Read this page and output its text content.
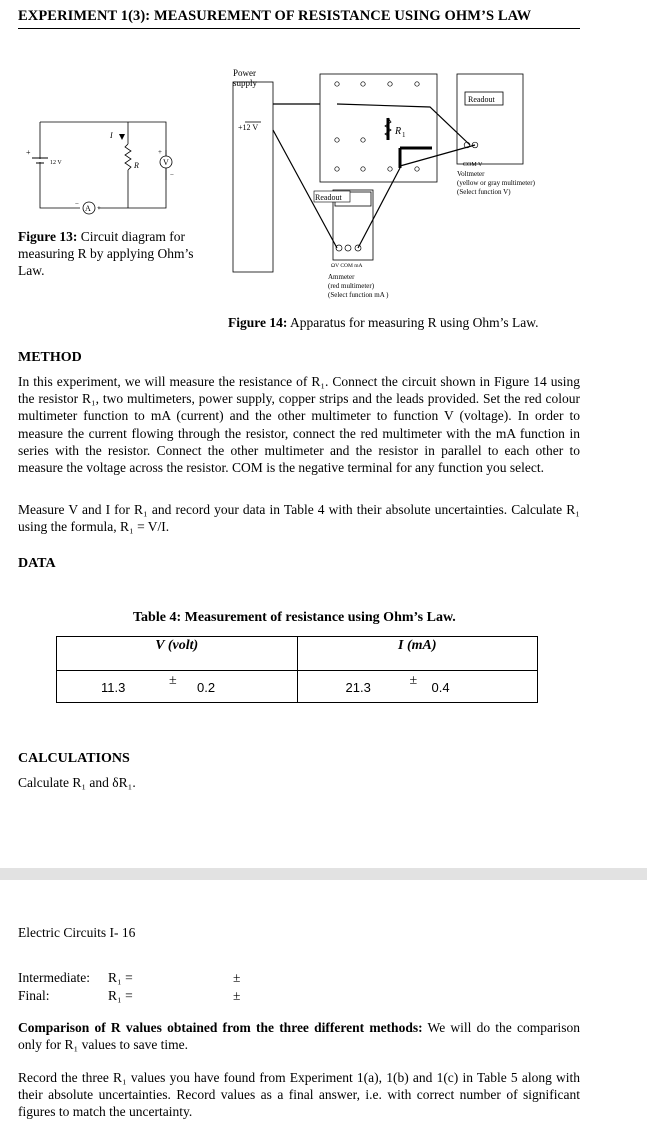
EXPERIMENT 1(3): MEASUREMENT OF RESISTANCE USING OHM’S LAW
+
12 V
I
R	V
+
−
A
−	+
Figure 13: Circuit diagram for measuring R by applying Ohm’s Law.
Power
supply
+12 V
Readout
Readout
R 1
COM V
Voltmeter
(yellow or gray multimeter)
(Select function V)
ΩV COM mA
Ammeter
(red multimeter)
(Select function mA )
Figure 14: Apparatus for measuring R using Ohm’s Law.
METHOD
In this experiment, we will measure the resistance of R₁. Connect the circuit shown in Figure 14 using the resistor R₁, two multimeters, power supply, copper strips and the leads provided. Set the red colour multimeter function to mA (current) and the other multimeter to function V (voltage). In order to measure the current flowing through the resistor, connect the red multimeter with the mA function in series with the resistor. Connect the other multimeter and the resistor in parallel to each other to measure the voltage across the resistor. COM is the negative terminal for any function you select.
Measure V and I for R₁ and record your data in Table 4 with their absolute uncertainties. Calculate R₁ using the formula, R₁ = V/I.
DATA
Table 4: Measurement of resistance using Ohm’s Law.
V (volt)	I (mA)

11.3 ± 0.2	21.3 ± 0.4
CALCULATIONS
Calculate R₁ and δR₁.
Electric Circuits I- 16
Intermediate: R₁ =	±
Final:	R₁ =	±
Comparison of R values obtained from the three different methods: We will do the comparison only for R₁ values to save time.
Record the three R₁ values you have found from Experiment 1(a), 1(b) and 1(c) in Table 5 along with their absolute uncertainties. Record values as a final answer, i.e. with correct number of significant figures to match the uncertainty.
